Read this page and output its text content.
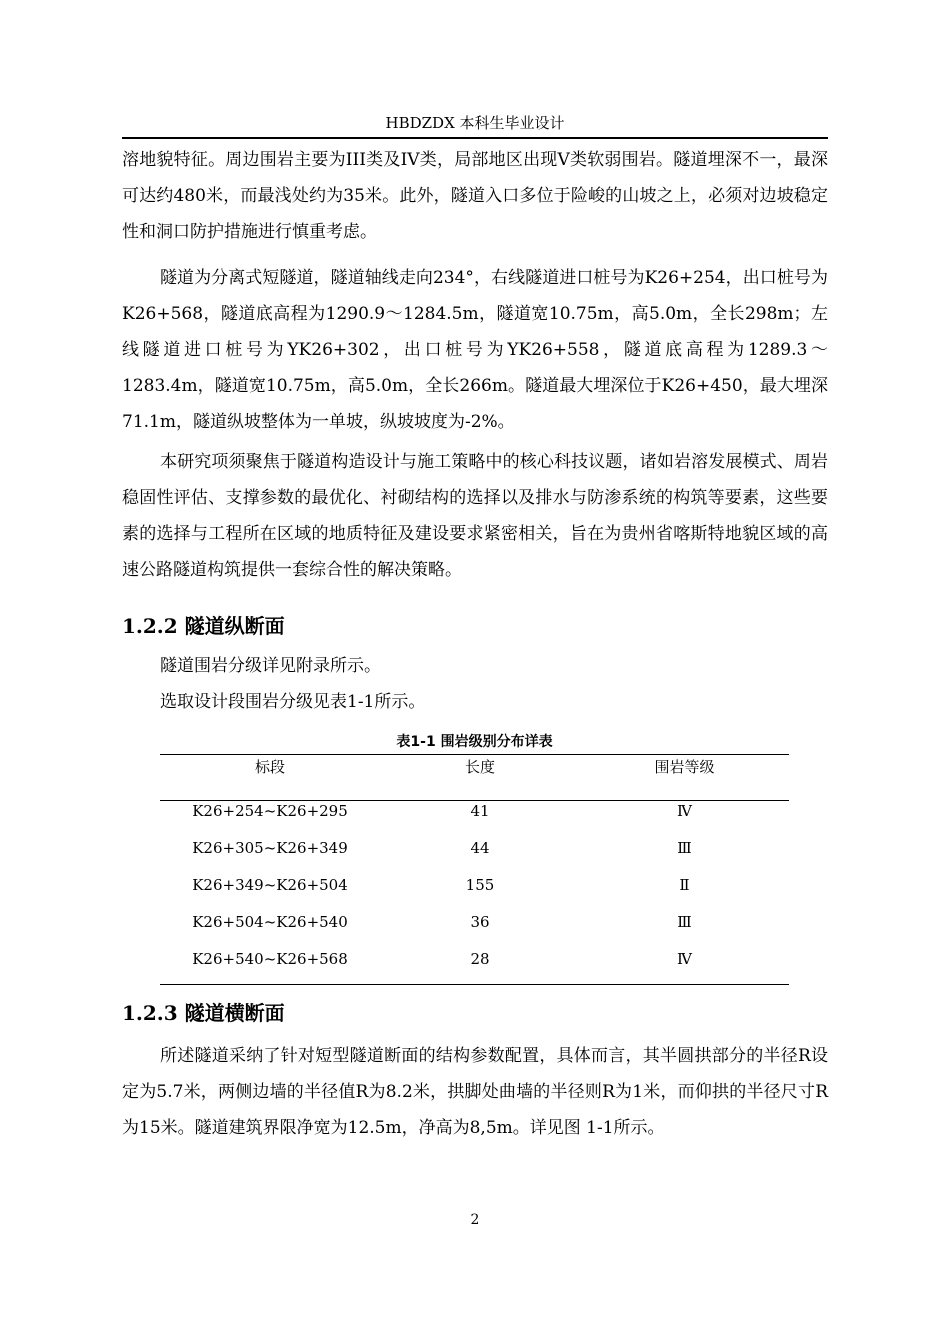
HBDZDX 本科生毕业设计
溶地貌特征。周边围岩主要为III类及IV类，局部地区出现V类软弱围岩。隧道埋深不一，最深可达约480米，而最浅处约为35米。此外，隧道入口多位于险峻的山坡之上，必须对边坡稳定性和洞口防护措施进行慎重考虑。
隧道为分离式短隧道，隧道轴线走向234°，右线隧道进口桩号为K26+254，出口桩号为K26+568，隧道底高程为1290.9～1284.5m，隧道宽10.75m，高5.0m，全长298m；左线隧道进口桩号为YK26+302，出口桩号为YK26+558，隧道底高程为1289.3～1283.4m，隧道宽10.75m，高5.0m，全长266m。隧道最大埋深位于K26+450，最大埋深71.1m，隧道纵坡整体为一单坡，纵坡坡度为-2%。
本研究项须聚焦于隧道构造设计与施工策略中的核心科技议题，诸如岩溶发展模式、周岩稳固性评估、支撑参数的最优化、衬砌结构的选择以及排水与防渗系统的构筑等要素，这些要素的选择与工程所在区域的地质特征及建设要求紧密相关，旨在为贵州省喀斯特地貌区域的高速公路隧道构筑提供一套综合性的解决策略。
1.2.2 隧道纵断面
隧道围岩分级详见附录所示。
选取设计段围岩分级见表1-1所示。
表1-1 围岩级别分布详表
标段	长度	围岩等级
K26+254~K26+295	41	Ⅳ
K26+305~K26+349	44	Ⅲ
K26+349~K26+504	155	Ⅱ
K26+504~K26+540	36	Ⅲ
K26+540~K26+568	28	Ⅳ
1.2.3 隧道横断面
所述隧道采纳了针对短型隧道断面的结构参数配置，具体而言，其半圆拱部分的半径R设定为5.7米，两侧边墙的半径值R为8.2米，拱脚处曲墙的半径则R为1米，而仰拱的半径尺寸R为15米。隧道建筑界限净宽为12.5m，净高为8,5m。详见图 1-1所示。
2
